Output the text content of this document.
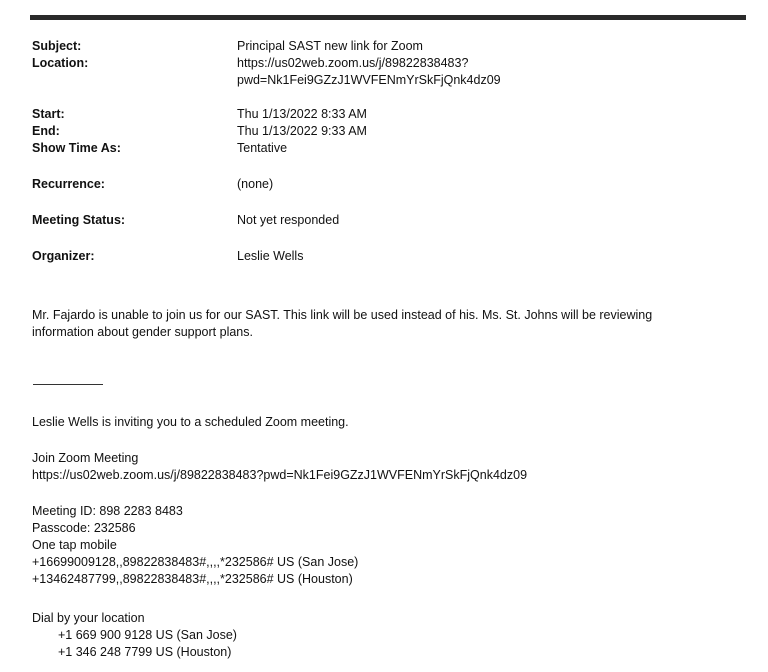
Subject:	Principal SAST new link for Zoom
Location:	https://us02web.zoom.us/j/89822838483?
pwd=Nk1Fei9GZzJ1WVFENmYrSkFjQnk4dz09
Start:	Thu 1/13/2022 8:33 AM
End:	Thu 1/13/2022 9:33 AM
Show Time As:	Tentative
Recurrence:	(none)
Meeting Status:	Not yet responded
Organizer:	Leslie Wells
Mr. Fajardo is unable to join us for our SAST. This link will be used instead of his. Ms. St. Johns will be reviewing
information about gender support plans.
Leslie Wells is inviting you to a scheduled Zoom meeting.
Join Zoom Meeting
https://us02web.zoom.us/j/89822838483?pwd=Nk1Fei9GZzJ1WVFENmYrSkFjQnk4dz09
Meeting ID: 898 2283 8483
Passcode: 232586
One tap mobile
+16699009128,,89822838483#,,,,*232586# US (San Jose)
+13462487799,,89822838483#,,,,*232586# US (Houston)
Dial by your location
+1 669 900 9128 US (San Jose)
+1 346 248 7799 US (Houston)
